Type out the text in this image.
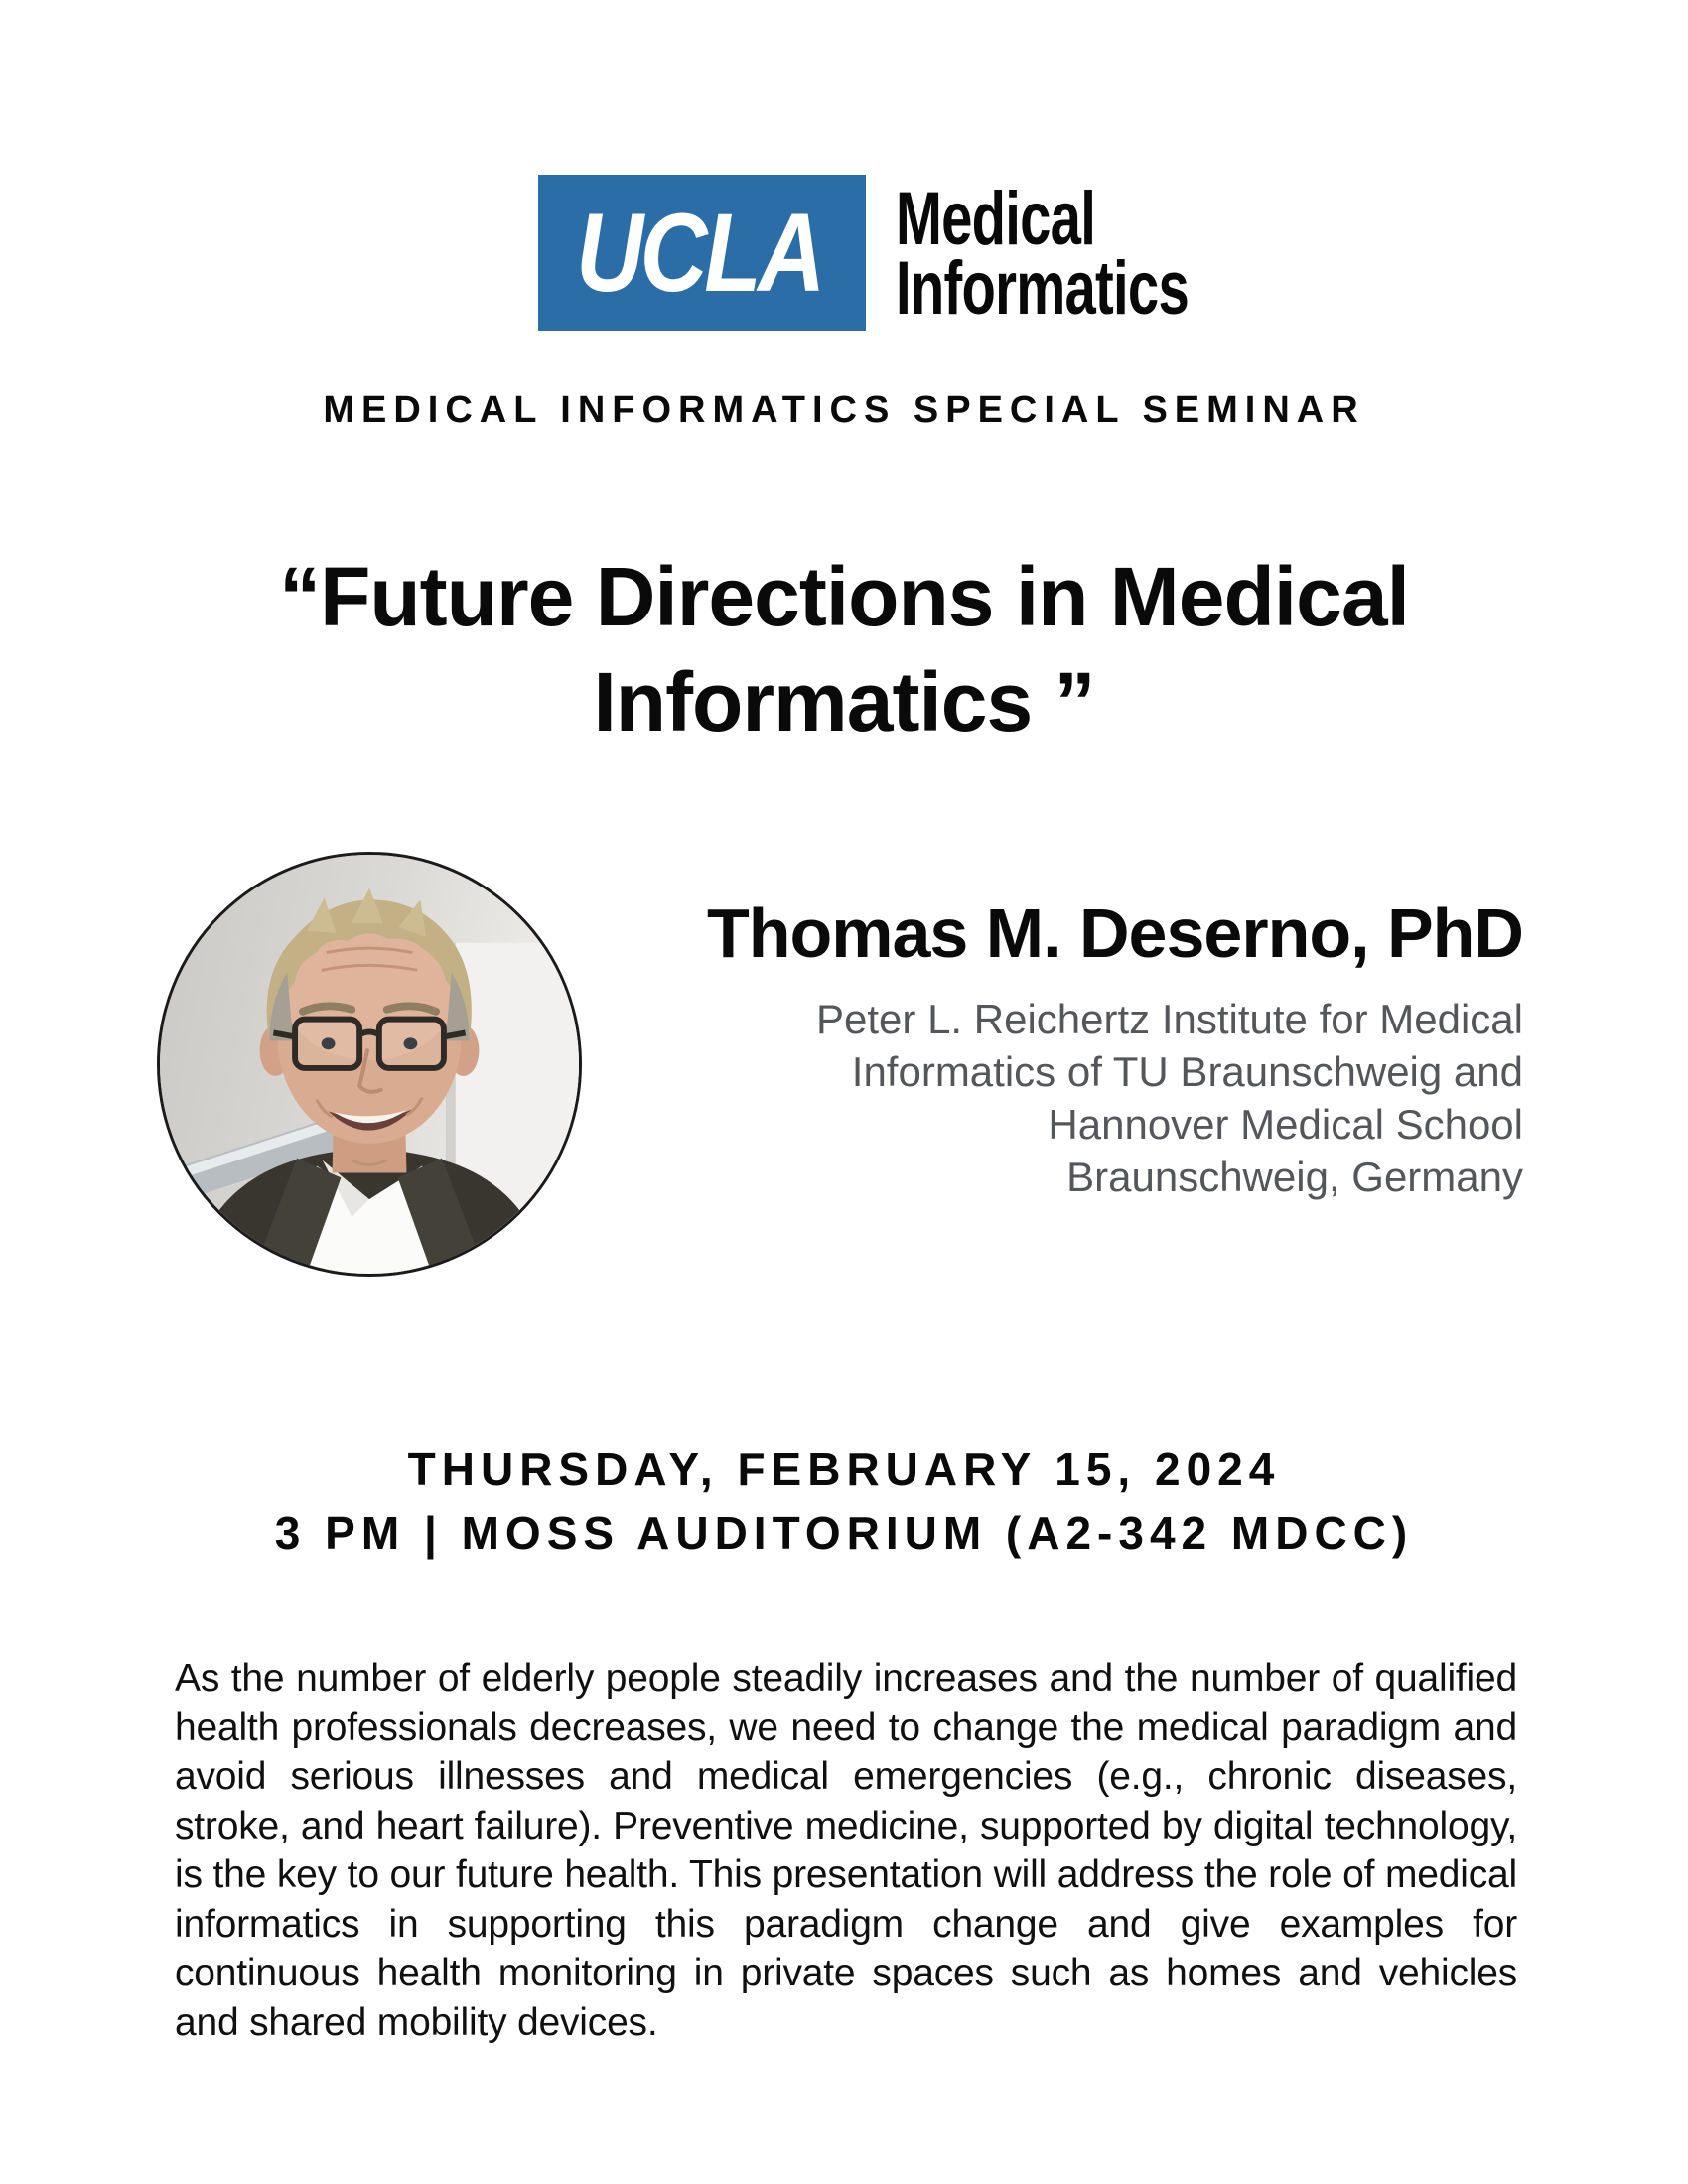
UCLA Medical
Informatics
MEDICAL INFORMATICS SPECIAL SEMINAR
“Future Directions in Medical
Informatics ”
Thomas M. Deserno, PhD
Peter L. Reichertz Institute for Medical
Informatics of TU Braunschweig and
Hannover Medical School
Braunschweig, Germany
THURSDAY, FEBRUARY 15, 2024
3 PM | MOSS AUDITORIUM (A2-342 MDCC)
As the number of elderly people steadily increases and the number of qualified health professionals decreases, we need to change the medical paradigm and avoid serious illnesses and medical emergencies (e.g., chronic diseases, stroke, and heart failure). Preventive medicine, supported by digital technology, is the key to our future health. This presentation will address the role of medical informatics in supporting this paradigm change and give examples for continuous health monitoring in private spaces such as homes and vehicles and shared mobility devices.
